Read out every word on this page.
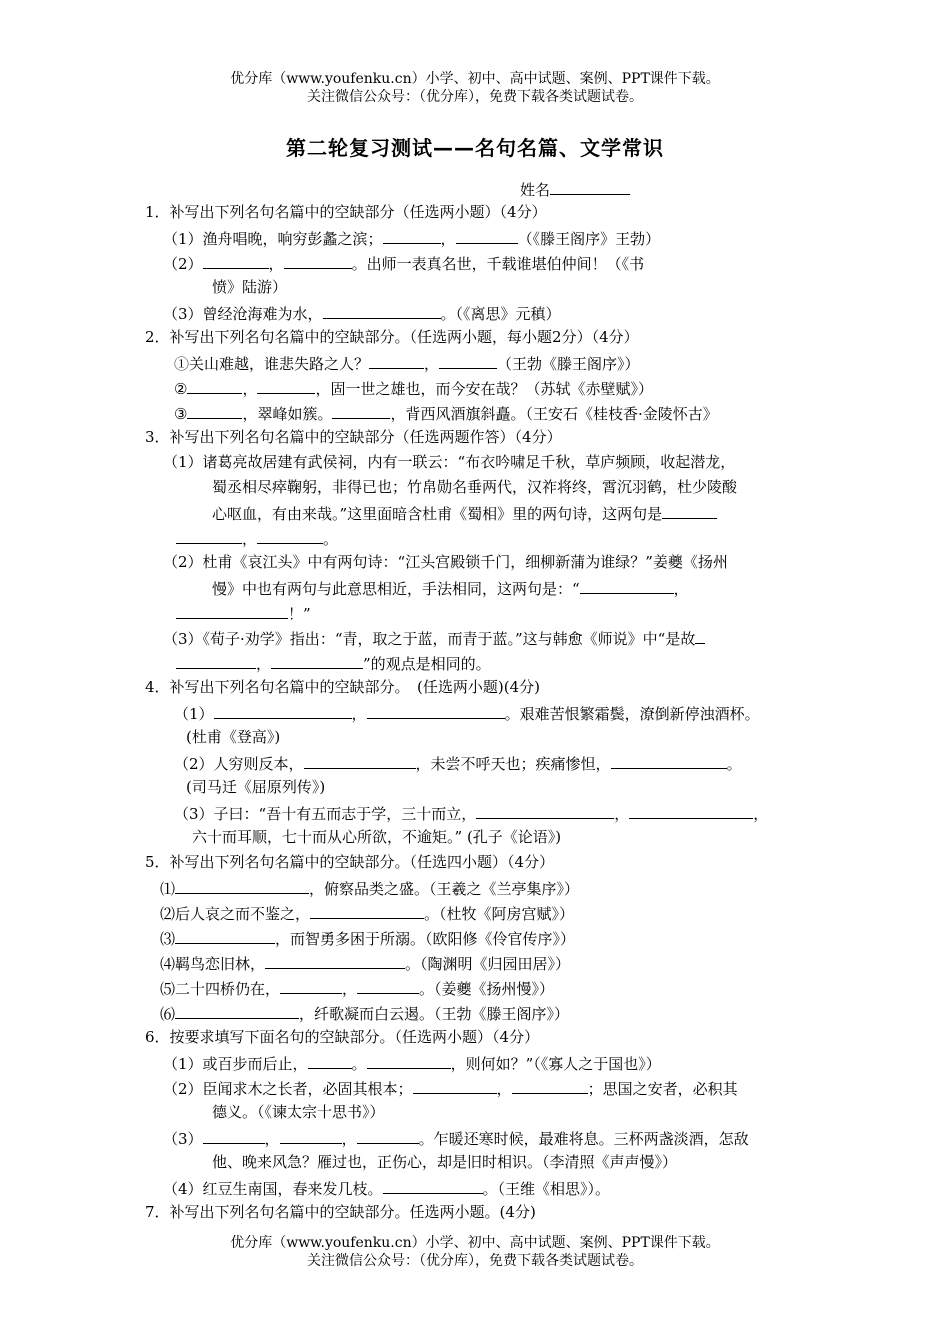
优分库（www.youfenku.cn）小学、初中、高中试题、案例、PPT课件下载。
关注微信公众号：（优分库），免费下载各类试题试卷。
第二轮复习测试——名句名篇、文学常识
姓名
1．补写出下列名句名篇中的空缺部分（任选两小题）（4分）
（1）渔舟唱晚，响穷彭蠡之滨；	，	（《滕王阁序》王勃）
（2）	，	。出师一表真名世，千载谁堪伯仲间！（《书
愤》陆游）
（3）曾经沧海难为水，	。（《离思》元稹）
2．补写出下列名句名篇中的空缺部分。（任选两小题，每小题2分）（4分）
①关山难越，谁悲失路之人？	，	（王勃《滕王阁序》）
②	，	，固一世之雄也，而今安在哉？（苏轼《赤壁赋》）
③	，翠峰如簇。	，背西风酒旗斜矗。（王安石《桂枝香·金陵怀古》
3．补写出下列名句名篇中的空缺部分（任选两题作答）（4分）
（1）诸葛亮故居建有武侯祠，内有一联云：“布衣吟啸足千秋，草庐频顾，收起潜龙，
蜀丞相尽瘁鞠躬，非得已也；竹帛勋名垂两代，汉祚将终，霄沉羽鹤，杜少陵酸
心呕血，有由来哉。”这里面暗含杜甫《蜀相》里的两句诗，这两句是
，	。
（2）杜甫《哀江头》中有两句诗：“江头宫殿锁千门，细柳新蒲为谁绿？”姜夔《扬州
慢》中也有两句与此意思相近，手法相同，这两句是：“	，
！”
（3）《荀子·劝学》指出：“青，取之于蓝，而青于蓝。”这与韩愈《师说》中“是故
，	”的观点是相同的。
4．补写出下列名句名篇中的空缺部分。　(任选两小题)(4分)
（1）	，	。艰难苦恨繁霜鬓，潦倒新停浊酒杯。
(杜甫《登高》)
（2）人穷则反本，	，未尝不呼天也；疾痛惨怛，	。
(司马迁《屈原列传》)
（3）子曰：“吾十有五而志于学，三十而立，	，	，
六十而耳顺，七十而从心所欲，不逾矩。” (孔子《论语》)
5．补写出下列名句名篇中的空缺部分。（任选四小题）（4分）
⑴	，俯察品类之盛。（王羲之《兰亭集序》）
⑵后人哀之而不鉴之，	。（杜牧《阿房宫赋》）
⑶	，而智勇多困于所溺。（欧阳修《伶官传序》）
⑷羁鸟恋旧林，	。（陶渊明《归园田居》）
⑸二十四桥仍在，	，	。（姜夔《扬州慢》）
⑹	，纤歌凝而白云遏。（王勃《滕王阁序》）
6．按要求填写下面名句的空缺部分。（任选两小题）（4分）
（1）或百步而后止，	。	，则何如？”（《寡人之于国也》）
（2）臣闻求木之长者，必固其根本；	，	；思国之安者，必积其
德义。（《谏太宗十思书》）
（3）	，	，	。乍暖还寒时候，最难将息。三杯两盏淡酒，怎敌
他、晚来风急？雁过也，正伤心，却是旧时相识。（李清照《声声慢》）
（4）红豆生南国，春来发几枝。	。（王维《相思》）。
7．补写出下列名句名篇中的空缺部分。任选两小题。(4分)
优分库（www.youfenku.cn）小学、初中、高中试题、案例、PPT课件下载。
关注微信公众号：（优分库），免费下载各类试题试卷。
